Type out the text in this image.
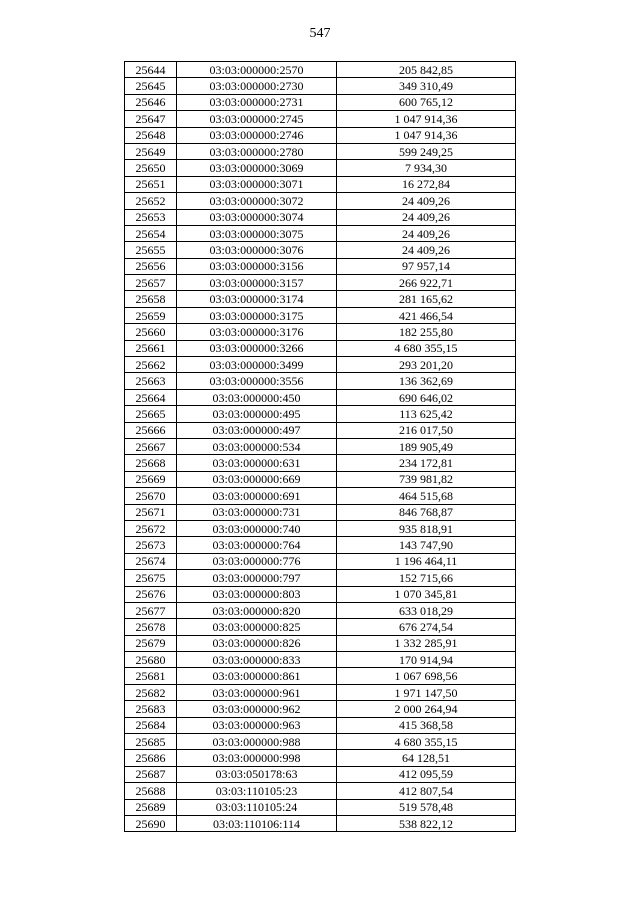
547
25644	03:03:000000:2570	205 842,85
25645	03:03:000000:2730	349 310,49
25646	03:03:000000:2731	600 765,12
25647	03:03:000000:2745	1 047 914,36
25648	03:03:000000:2746	1 047 914,36
25649	03:03:000000:2780	599 249,25
25650	03:03:000000:3069	7 934,30
25651	03:03:000000:3071	16 272,84
25652	03:03:000000:3072	24 409,26
25653	03:03:000000:3074	24 409,26
25654	03:03:000000:3075	24 409,26
25655	03:03:000000:3076	24 409,26
25656	03:03:000000:3156	97 957,14
25657	03:03:000000:3157	266 922,71
25658	03:03:000000:3174	281 165,62
25659	03:03:000000:3175	421 466,54
25660	03:03:000000:3176	182 255,80
25661	03:03:000000:3266	4 680 355,15
25662	03:03:000000:3499	293 201,20
25663	03:03:000000:3556	136 362,69
25664	03:03:000000:450	690 646,02
25665	03:03:000000:495	113 625,42
25666	03:03:000000:497	216 017,50
25667	03:03:000000:534	189 905,49
25668	03:03:000000:631	234 172,81
25669	03:03:000000:669	739 981,82
25670	03:03:000000:691	464 515,68
25671	03:03:000000:731	846 768,87
25672	03:03:000000:740	935 818,91
25673	03:03:000000:764	143 747,90
25674	03:03:000000:776	1 196 464,11
25675	03:03:000000:797	152 715,66
25676	03:03:000000:803	1 070 345,81
25677	03:03:000000:820	633 018,29
25678	03:03:000000:825	676 274,54
25679	03:03:000000:826	1 332 285,91
25680	03:03:000000:833	170 914,94
25681	03:03:000000:861	1 067 698,56
25682	03:03:000000:961	1 971 147,50
25683	03:03:000000:962	2 000 264,94
25684	03:03:000000:963	415 368,58
25685	03:03:000000:988	4 680 355,15
25686	03:03:000000:998	64 128,51
25687	03:03:050178:63	412 095,59
25688	03:03:110105:23	412 807,54
25689	03:03:110105:24	519 578,48
25690	03:03:110106:114	538 822,12
